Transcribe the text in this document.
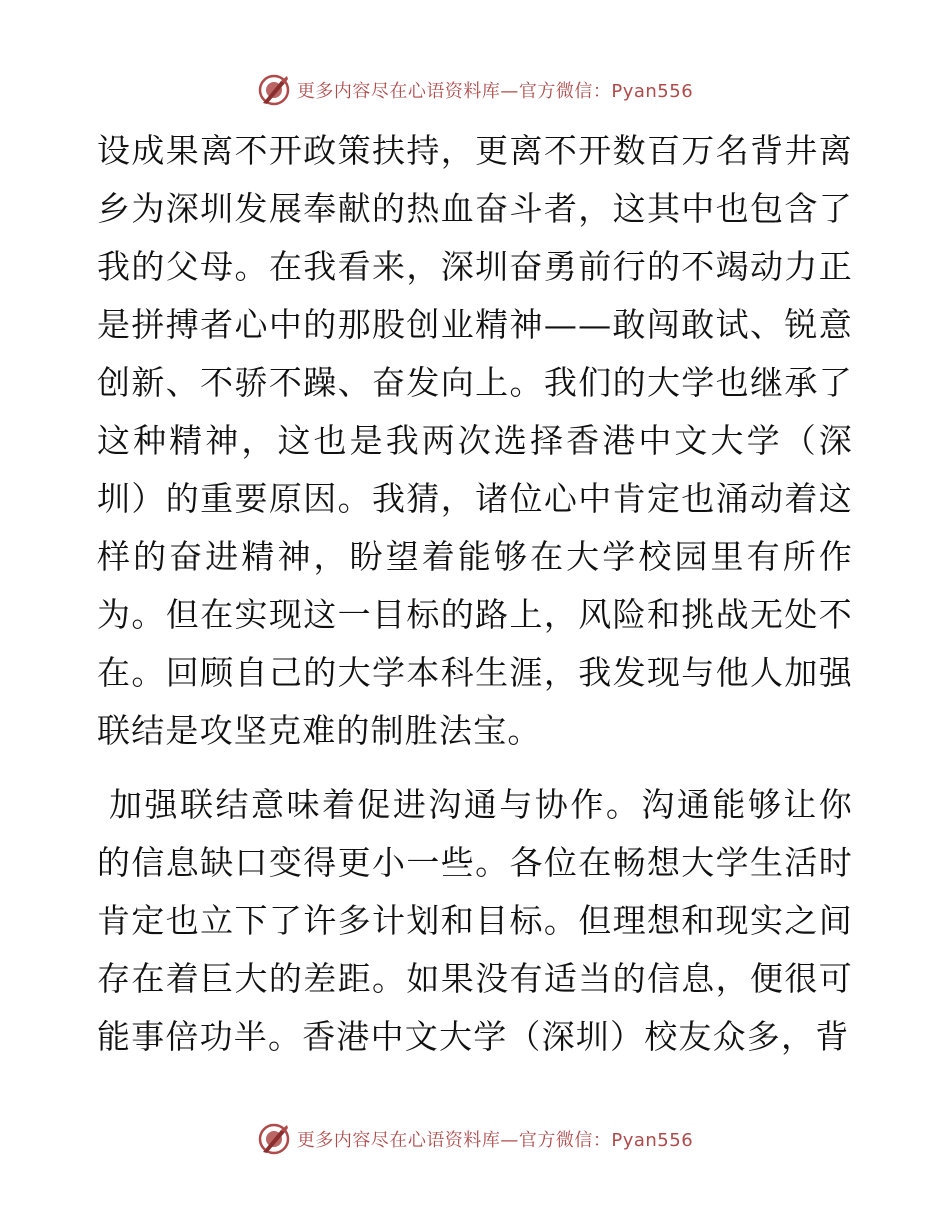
更多内容尽在心语资料库—官方微信：Pyan556

设成果离不开政策扶持，更离不开数百万名背井离乡为深圳发展奉献的热血奋斗者，这其中也包含了我的父母。在我看来，深圳奋勇前行的不竭动力正是拼搏者心中的那股创业精神——敢闯敢试、锐意创新、不骄不躁、奋发向上。我们的大学也继承了这种精神，这也是我两次选择香港中文大学（深圳）的重要原因。我猜，诸位心中肯定也涌动着这样的奋进精神，盼望着能够在大学校园里有所作为。但在实现这一目标的路上，风险和挑战无处不在。回顾自己的大学本科生涯，我发现与他人加强联结是攻坚克难的制胜法宝。

加强联结意味着促进沟通与协作。沟通能够让你的信息缺口变得更小一些。各位在畅想大学生活时肯定也立下了许多计划和目标。但理想和现实之间存在着巨大的差距。如果没有适当的信息，便很可能事倍功半。香港中文大学（深圳）校友众多，背

更多内容尽在心语资料库—官方微信：Pyan556
